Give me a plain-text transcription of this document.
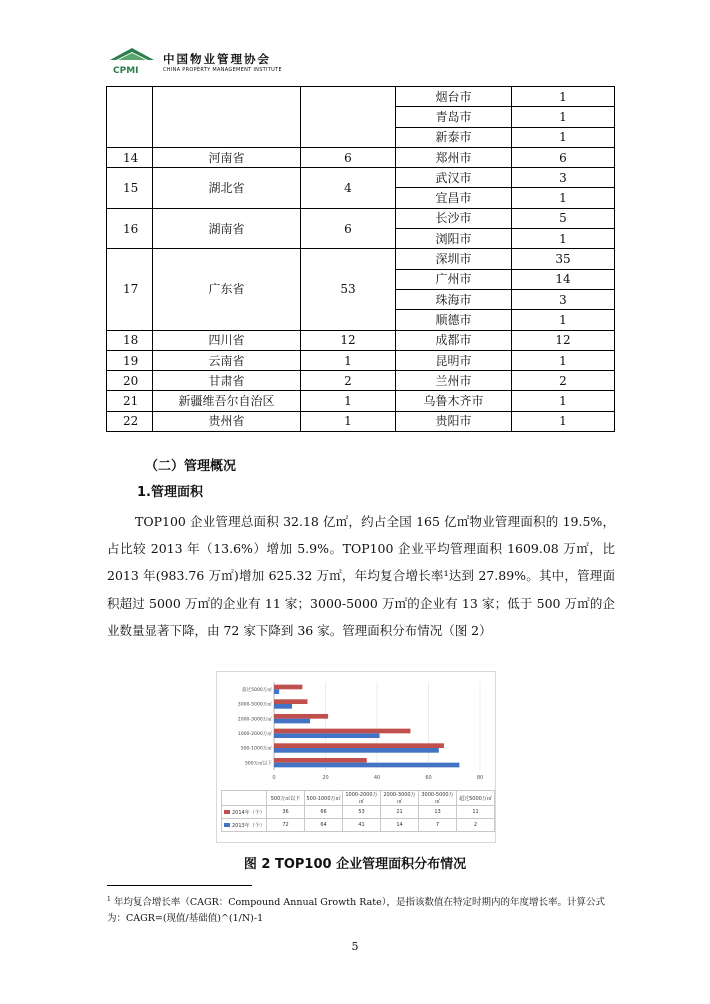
CPMI
中国物业管理协会
CHINA PROPERTY MANAGEMENT INSTITUTE
			烟台市	1
			青岛市	1
			新泰市	1
14	河南省	6	郑州市	6
15	湖北省	4	武汉市	3
			宜昌市	1
16	湖南省	6	长沙市	5
			浏阳市	1
17	广东省	53	深圳市	35
			广州市	14
			珠海市	3
			顺德市	1
18	四川省	12	成都市	12
19	云南省	1	昆明市	1
20	甘肃省	2	兰州市	2
21	新疆维吾尔自治区	1	乌鲁木齐市	1
22	贵州省	1	贵阳市	1
（二）管理概况
1.管理面积

TOP100 企业管理总面积 32.18 亿㎡，约占全国 165 亿㎡物业管理面积的 19.5%，占比较 2013 年（13.6%）增加 5.9%。TOP100 企业平均管理面积 1609.08 万㎡，比 2013 年(983.76 万㎡)增加 625.32 万㎡，年均复合增长率¹达到 27.89%。其中，管理面积超过 5000 万㎡的企业有 11 家；3000-5000 万㎡的企业有 13 家；低于 500 万㎡的企业数量显著下降，由 72 家下降到 36 家。管理面积分布情况（图 2）

0	20	40	60	80
500万㎡以下
500-1000万㎡
1000-2000万㎡
2000-3000万㎡
3000-5000万㎡
超过5000万㎡
	500万㎡以下	500-1000万㎡	1000-2000万㎡	2000-3000万㎡	3000-5000万㎡	超过5000万㎡
2014年（个）	36	66	53	21	13	11
2013年（个）	72	64	41	14	7	2
图 2 TOP100 企业管理面积分布情况
$^1$ 年均复合增长率（CAGR：Compound Annual Growth Rate），是指该数值在特定时期内的年度增长率。计算公式为：CAGR=(现值/基础值)^(1/N)-1
5
